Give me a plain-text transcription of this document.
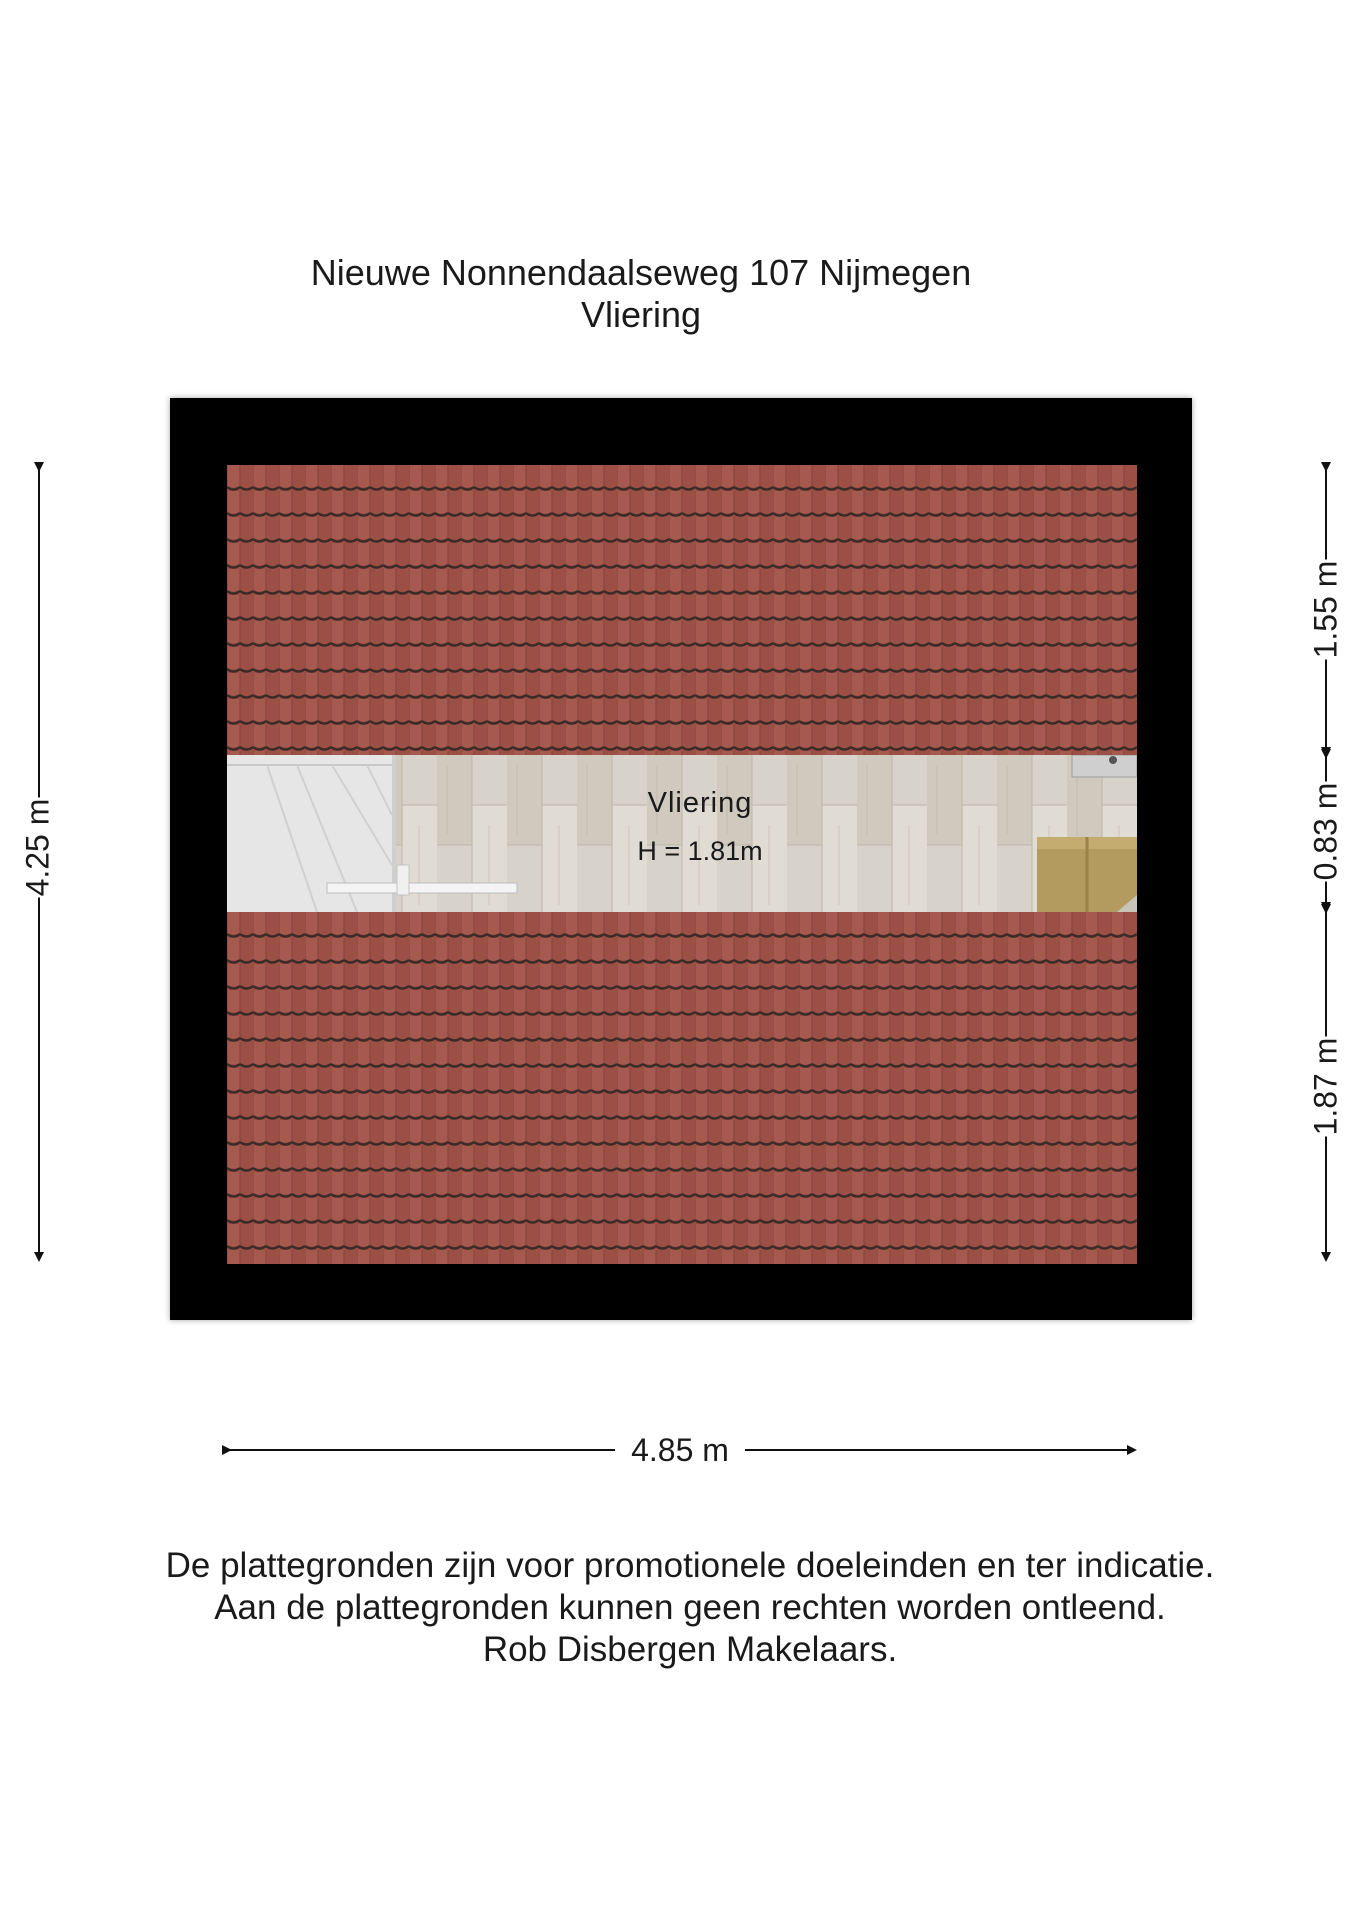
Nieuwe Nonnendaalseweg 107 Nijmegen
Vliering
Vliering
H = 1.81m
4.25 m
1.55 m
0.83 m
1.87 m
4.85 m
De plattegronden zijn voor promotionele doeleinden en ter indicatie.
Aan de plattegronden kunnen geen rechten worden ontleend.
Rob Disbergen Makelaars.
